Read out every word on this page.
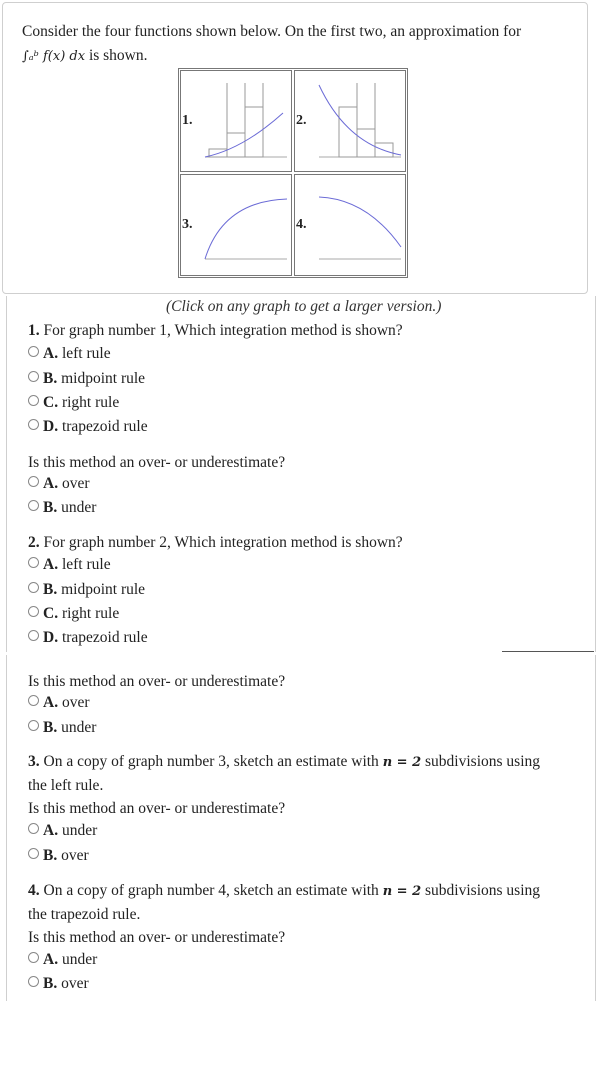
Consider the four functions shown below. On the first two, an approximation for
∫ₐᵇ f(x) dx is shown.
1.	2.
3.	4.
(Click on any graph to get a larger version.)
1. For graph number 1, Which integration method is shown?
A. left rule
B. midpoint rule
C. right rule
D. trapezoid rule
Is this method an over- or underestimate?
A. over
B. under
2. For graph number 2, Which integration method is shown?
A. left rule
B. midpoint rule
C. right rule
D. trapezoid rule
Is this method an over- or underestimate?
A. over
B. under
3. On a copy of graph number 3, sketch an estimate with n = 2 subdivisions using
the left rule.
Is this method an over- or underestimate?
A. under
B. over
4. On a copy of graph number 4, sketch an estimate with n = 2 subdivisions using
the trapezoid rule.
Is this method an over- or underestimate?
A. under
B. over
